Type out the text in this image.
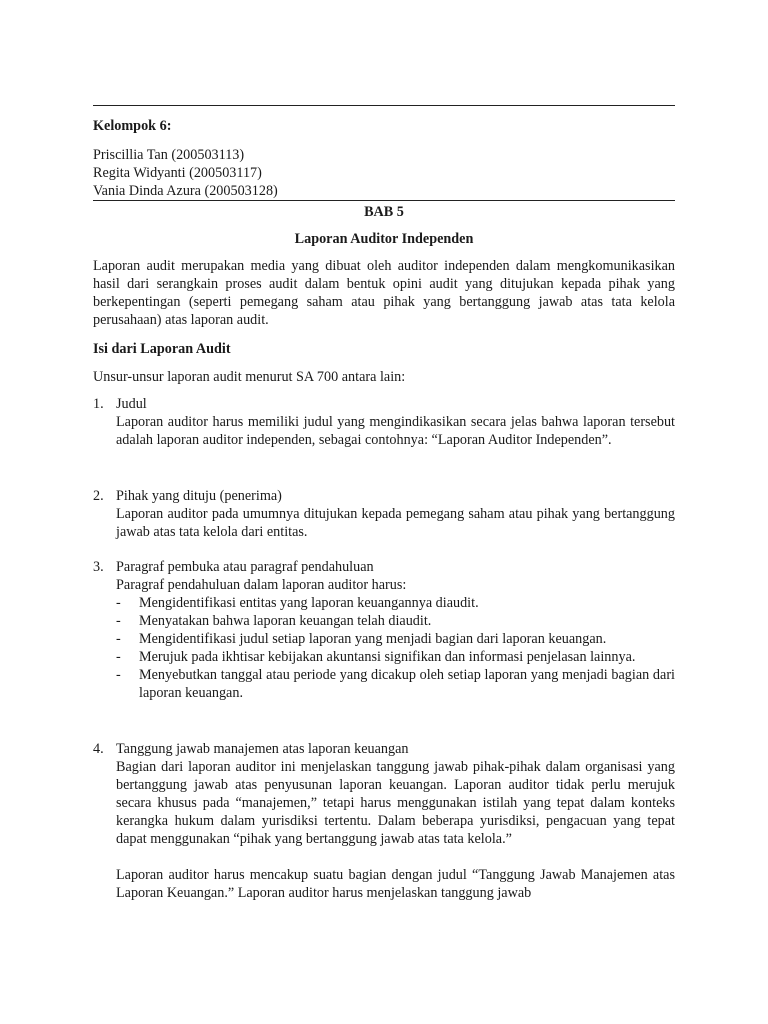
Kelompok 6:
Priscillia Tan (200503113)
Regita Widyanti (200503117)
Vania Dinda Azura (200503128)
BAB 5
Laporan Auditor Independen
Laporan audit merupakan media yang dibuat oleh auditor independen dalam mengkomunikasikan hasil dari serangkain proses audit dalam bentuk opini audit yang ditujukan kepada pihak yang berkepentingan (seperti pemegang saham atau pihak yang bertanggung jawab atas tata kelola perusahaan) atas laporan audit.
Isi dari Laporan Audit
Unsur-unsur laporan audit menurut SA 700 antara lain:
1. Judul
Laporan auditor harus memiliki judul yang mengindikasikan secara jelas bahwa laporan tersebut adalah laporan auditor independen, sebagai contohnya: “Laporan Auditor Independen”.
2. Pihak yang dituju (penerima)
Laporan auditor pada umumnya ditujukan kepada pemegang saham atau pihak yang bertanggung jawab atas tata kelola dari entitas.
3. Paragraf pembuka atau paragraf pendahuluan
Paragraf pendahuluan dalam laporan auditor harus:
- Mengidentifikasi entitas yang laporan keuangannya diaudit.
- Menyatakan bahwa laporan keuangan telah diaudit.
- Mengidentifikasi judul setiap laporan yang menjadi bagian dari laporan keuangan.
- Merujuk pada ikhtisar kebijakan akuntansi signifikan dan informasi penjelasan lainnya.
- Menyebutkan tanggal atau periode yang dicakup oleh setiap laporan yang menjadi bagian dari laporan keuangan.
4. Tanggung jawab manajemen atas laporan keuangan
Bagian dari laporan auditor ini menjelaskan tanggung jawab pihak-pihak dalam organisasi yang bertanggung jawab atas penyusunan laporan keuangan. Laporan auditor tidak perlu merujuk secara khusus pada “manajemen,” tetapi harus menggunakan istilah yang tepat dalam konteks kerangka hukum dalam yurisdiksi tertentu. Dalam beberapa yurisdiksi, pengacuan yang tepat dapat menggunakan “pihak yang bertanggung jawab atas tata kelola.”
Laporan auditor harus mencakup suatu bagian dengan judul “Tanggung Jawab Manajemen atas Laporan Keuangan.” Laporan auditor harus menjelaskan tanggung jawab
